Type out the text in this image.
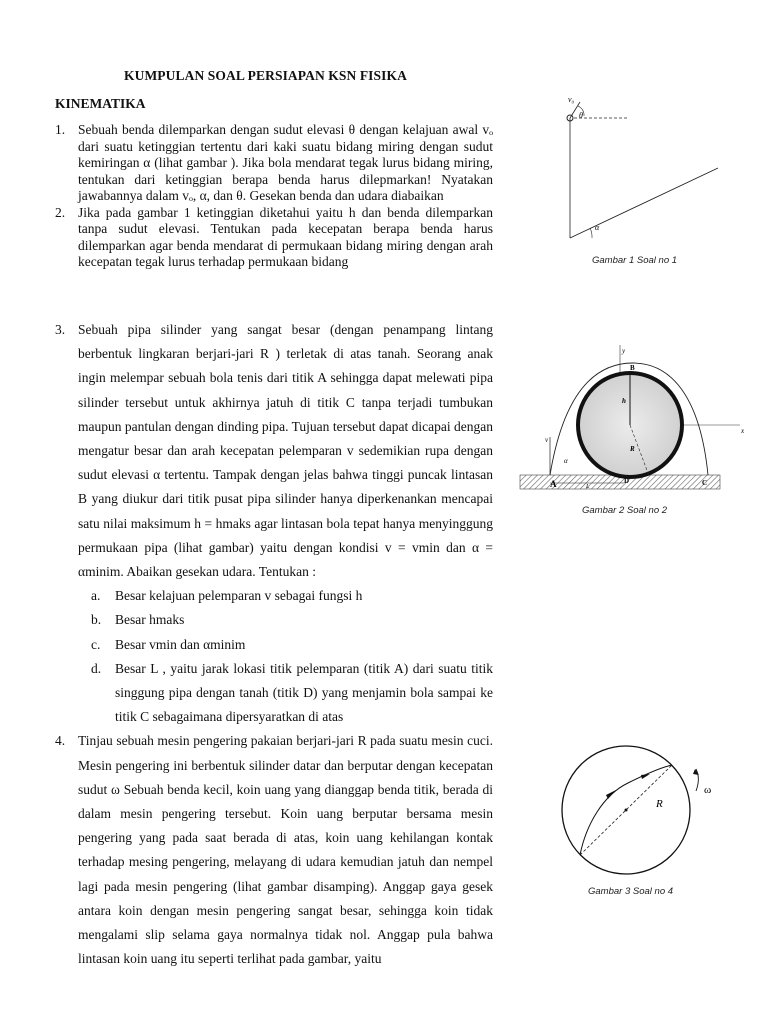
KUMPULAN SOAL PERSIAPAN KSN FISIKA
KINEMATIKA
1. Sebuah benda dilemparkan dengan sudut elevasi θ dengan kelajuan awal vₒ dari suatu ketinggian tertentu dari kaki suatu bidang miring dengan sudut kemiringan α (lihat gambar ). Jika bola mendarat tegak lurus bidang miring, tentukan dari ketinggian berapa benda harus dilepmarkan! Nyatakan jawabannya dalam vₒ, α, dan θ. Gesekan benda dan udara diabaikan
2. Jika pada gambar 1 ketinggian diketahui yaitu h dan benda dilemparkan tanpa sudut elevasi. Tentukan pada kecepatan berapa benda harus dilemparkan agar benda mendarat di permukaan bidang miring dengan arah kecepatan tegak lurus terhadap permukaan bidang
3. Sebuah pipa silinder yang sangat besar (dengan penampang lintang berbentuk lingkaran berjari-jari R ) terletak di atas tanah. Seorang anak ingin melempar sebuah bola tenis dari titik A sehingga dapat melewati pipa silinder tersebut untuk akhirnya jatuh di titik C tanpa terjadi tumbukan maupun pantulan dengan dinding pipa. Tujuan tersebut dapat dicapai dengan mengatur besar dan arah kecepatan pelemparan v sedemikian rupa dengan sudut elevasi α tertentu. Tampak dengan jelas bahwa tinggi puncak lintasan B yang diukur dari titik pusat pipa silinder hanya diperkenankan mencapai satu nilai maksimum h = hmaks agar lintasan bola tepat hanya menyinggung permukaan pipa (lihat gambar) yaitu dengan kondisi v = vmin dan α = αminim. Abaikan gesekan udara. Tentukan :
a. Besar kelajuan pelemparan v sebagai fungsi h
b. Besar hmaks
c. Besar vmin dan αminim
d. Besar L , yaitu jarak lokasi titik pelemparan (titik A) dari suatu titik singgung pipa dengan tanah (titik D) yang menjamin bola sampai ke titik C sebagaimana dipersyaratkan di atas
4. Tinjau sebuah mesin pengering pakaian berjari-jari R pada suatu mesin cuci. Mesin pengering ini berbentuk silinder datar dan berputar dengan kecepatan sudut ω Sebuah benda kecil, koin uang yang dianggap benda titik, berada di dalam mesin pengering tersebut. Koin uang berputar bersama mesin pengering yang pada saat berada di atas, koin uang kehilangan kontak terhadap mesing pengering, melayang di udara kemudian jatuh dan nempel lagi pada mesin pengering (lihat gambar disamping). Anggap gaya gesek antara koin dengan mesin pengering sangat besar, sehingga koin tidak mengalami slip selama gaya normalnya tidak nol. Anggap pula bahwa lintasan koin uang itu seperti terlihat pada gambar, yaitu
v₀
θ
α
Gambar 1 Soal no 1
y
x
B
h
R
v
α
A	L
D	C
Gambar 2 Soal no 2
R
ω
Gambar 3 Soal no 4
